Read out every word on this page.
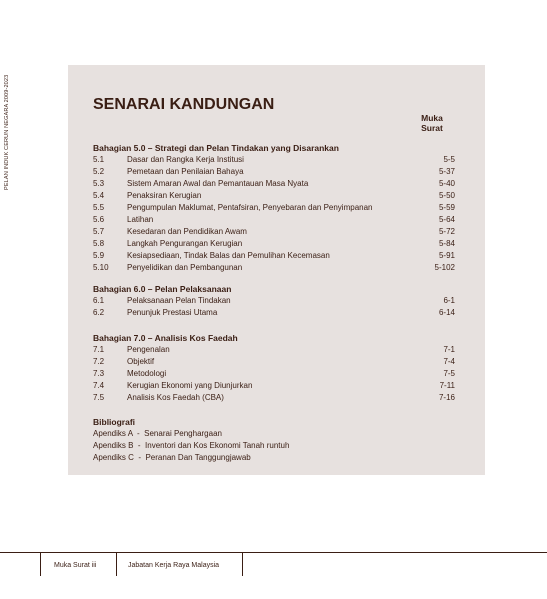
PELAN INDUK CERUN NEGARA 2009-2023	SENARAI KANDUNGAN
Muka
Surat
Bahagian 5.0 – Strategi dan Pelan Tindakan yang Disarankan
5.1	Dasar dan Rangka Kerja Institusi	5-5
5.2	Pemetaan dan Penilaian Bahaya	5-37
5.3	Sistem Amaran Awal dan Pemantauan Masa Nyata	5-40
5.4	Penaksiran Kerugian	5-50
5.5	Pengumpulan Maklumat, Pentafsiran, Penyebaran dan Penyimpanan	5-59
5.6	Latihan	5-64
5.7	Kesedaran dan Pendidikan Awam	5-72
5.8	Langkah Pengurangan Kerugian	5-84
5.9	Kesiapsediaan, Tindak Balas dan Pemulihan Kecemasan	5-91
5.10 Penyelidikan dan Pembangunan	5-102
Bahagian 6.0 – Pelan Pelaksanaan
6.1	Pelaksanaan Pelan Tindakan	6-1
6.2	Penunjuk Prestasi Utama	6-14
Bahagian 7.0 – Analisis Kos Faedah
7.1	Pengenalan	7-1
7.2	Objektif	7-4
7.3	Metodologi	7-5
7.4	Kerugian Ekonomi yang Diunjurkan	7-11
7.5	Analisis Kos Faedah (CBA)	7-16
Bibliografi
Apendiks A  -  Senarai Penghargaan
Apendiks B  -  Inventori dan Kos Ekonomi Tanah runtuh
Apendiks C  -  Peranan Dan Tanggungjawab
Muka Surat iii	Jabatan Kerja Raya Malaysia
